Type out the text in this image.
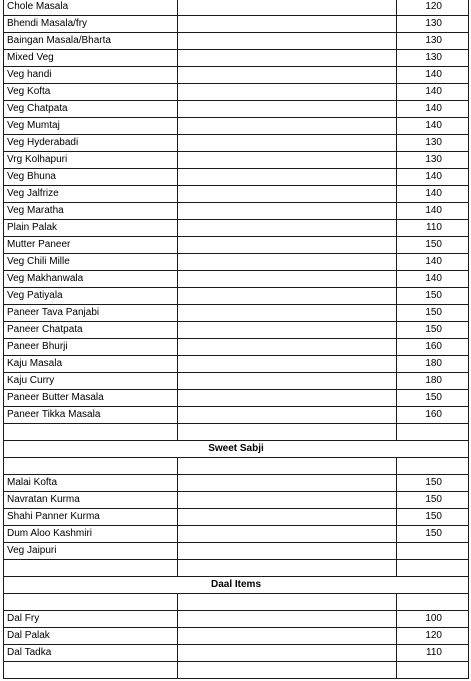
Chole Masala		120
Bhendi Masala/fry		130
Baingan Masala/Bharta		130
Mixed Veg		130
Veg handi		140
Veg Kofta		140
Veg Chatpata		140
Veg Mumtaj		140
Veg Hyderabadi		130
Vrg Kolhapuri		130
Veg Bhuna		140
Veg Jalfrize		140
Veg Maratha		140
Plain Palak		110
Mutter Paneer		150
Veg Chili Mille		140
Veg Makhanwala		140
Veg Patiyala		150
Paneer Tava Panjabi		150
Paneer Chatpata		150
Paneer Bhurji		160
Kaju Masala		180
Kaju Curry		180
Paneer Butter Masala		150
Paneer Tikka Masala		160

Sweet Sabji		

Malai Kofta		150
Navratan Kurma		150
Shahi Panner Kurma		150
Dum Aloo Kashmiri		150
Veg Jaipuri		

Daal Items		

Dal Fry		100
Dal Palak		120
Dal Tadka		110
